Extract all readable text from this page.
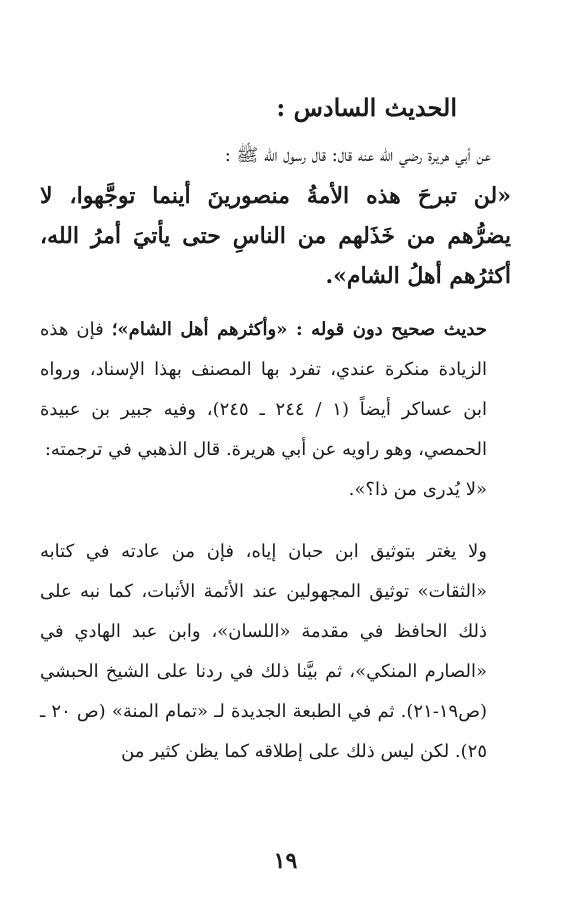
الحديث السادس :
عن أبي هريرة رضي الله عنه قال: قال رسول الله ﷺ :
«لن تبرحَ هذه الأمةُ منصورينَ أينما توجَّهوا، لا يضرُّهم من خَذَلهم من الناسِ حتى يأتيَ أمرُ الله، أكثرُهم أهلُ الشام».

حديث صحيح دون قوله : «وأكثرهم أهل الشام»؛ فإن هذه الزيادة منكرة عندي، تفرد بها المصنف بهذا الإسناد، ورواه ابن عساكر أيضاً (١ / ٢٤٤ ـ ٢٤٥)، وفيه جبير بن عبيدة الحمصي، وهو راويه عن أبي هريرة. قال الذهبي في ترجمته:

«لا يُدرى من ذا؟».

ولا يغتر بتوثيق ابن حبان إياه، فإن من عادته في كتابه «الثقات» توثيق المجهولين عند الأئمة الأثبات، كما نبه على ذلك الحافظ في مقدمة «اللسان»، وابن عبد الهادي في «الصارم المنكي»، ثم بيَّنا ذلك في ردنا على الشيخ الحبشي (ص١٩-٢١). ثم في الطبعة الجديدة لـ «تمام المنة» (ص ٢٠ ـ ٢٥). لكن ليس ذلك على إطلاقه كما يظن كثير من

١٩
